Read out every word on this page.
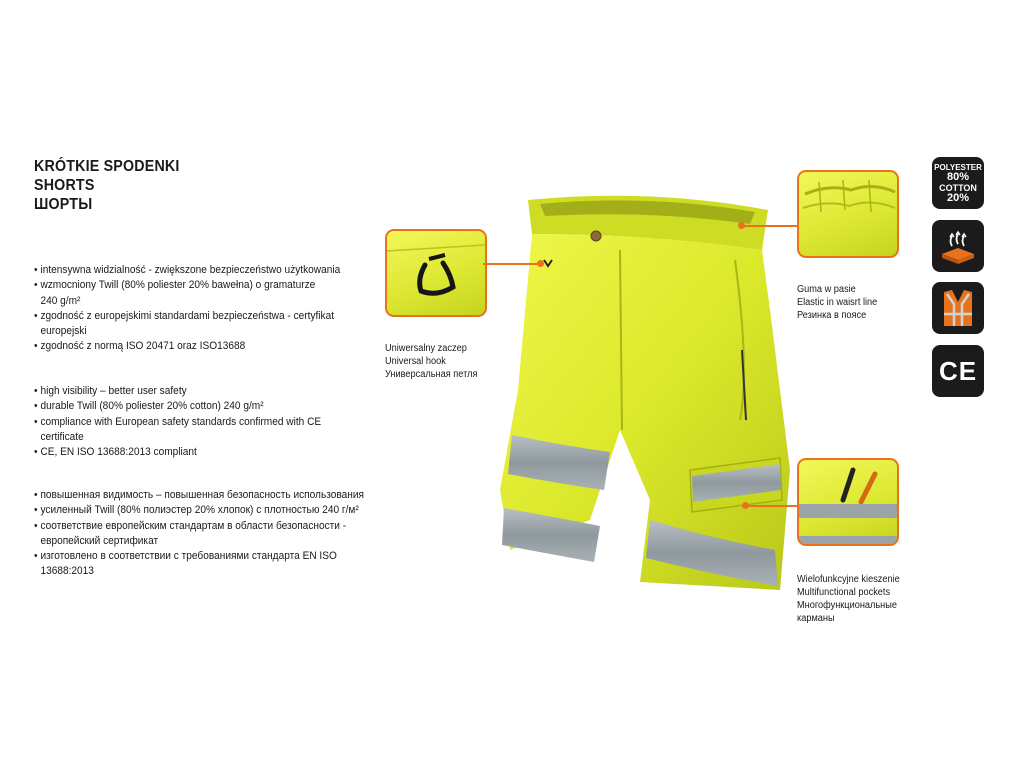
KRÓTKIE SPODENKI
SHORTS
ШОРТЫ
• intensywna widzialność - zwiększone bezpieczeństwo użytkowania
• wzmocniony Twill (80% poliester 20% bawełna) o gramaturze
240 g/m²
• zgodność z europejskimi standardami bezpieczeństwa - certyfikat
europejski
• zgodność z normą ISO 20471 oraz ISO13688
• high visibility – better user safety
• durable Twill (80% poliester 20% cotton) 240 g/m²
• compliance with European safety standards confirmed with CE
certificate
• CE, EN ISO 13688:2013 compliant
• повышенная видимость – повышенная безопасность использования
• усиленный Twill (80% полиэстер 20% хлопок) с плотностью 240 г/м²
• соответствие европейским стандартам в области безопасности -
европейский сертификат
• изготовлено в соответствии с требованиями стандарта EN ISO
13688:2013
Uniwersalny zaczep
Universal hook
Универсальная петля
Guma w pasie
Elastic in waisrt line
Резинка в поясе
Wielofunkcyjne kieszenie
Multifunctional pockets
Многофункциональные
карманы
POLYESTER
80%
COTTON
20%
1
CE
